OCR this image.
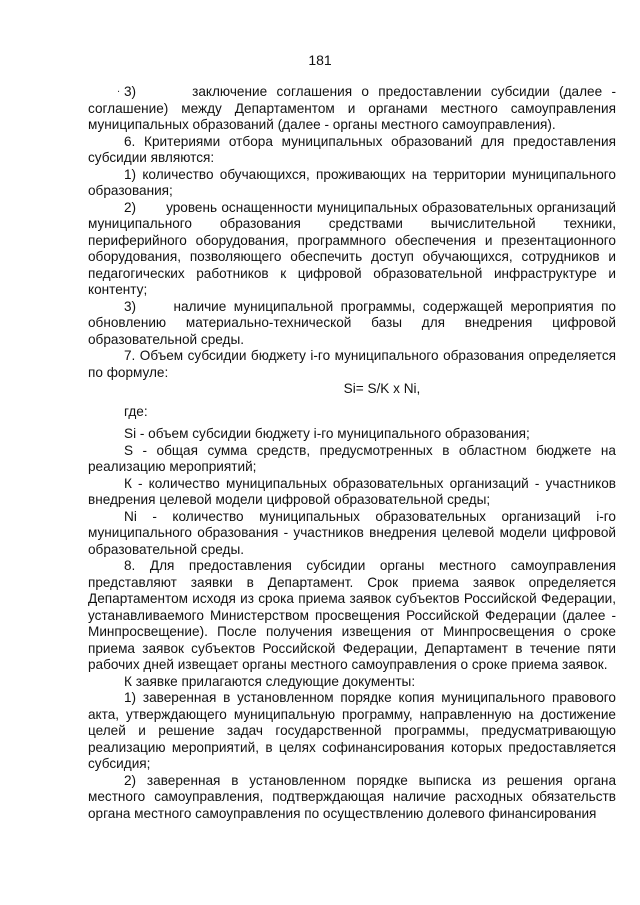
181
. 3)      заключение соглашения о предоставлении субсидии (далее - соглашение) между Департаментом и органами местного самоуправления муниципальных образований (далее - органы местного самоуправления).

6. Критериями отбора муниципальных образований для предоставления субсидии являются:

1) количество обучающихся, проживающих на территории муниципального образования;

2)       уровень оснащенности муниципальных образовательных организаций муниципального образования средствами вычислительной техники, периферийного оборудования, программного обеспечения и презентационного оборудования, позволяющего обеспечить доступ обучающихся, сотрудников и педагогических работников к цифровой образовательной инфраструктуре и контенту;

3)     наличие муниципальной программы, содержащей мероприятия по обновлению материально-технической базы для внедрения цифровой образовательной среды.

7. Объем субсидии бюджету i-го муниципального образования определяется по формуле:

Si= S/K x Ni,

где:

Si - объем субсидии бюджету i-го муниципального образования;

S - общая сумма средств, предусмотренных в областном бюджете на реализацию мероприятий;

К - количество муниципальных образовательных организаций - участников внедрения целевой модели цифровой образовательной среды;

Ni - количество муниципальных образовательных организаций i-го муниципального образования - участников внедрения целевой модели цифровой образовательной среды.

8. Для предоставления субсидии органы местного самоуправления представляют заявки в Департамент. Срок приема заявок определяется Департаментом исходя из срока приема заявок субъектов Российской Федерации, устанавливаемого Министерством просвещения Российской Федерации (далее - Минпросвещение). После получения извещения от Минпросвещения о сроке приема заявок субъектов Российской Федерации, Департамент в течение пяти рабочих дней извещает органы местного самоуправления о сроке приема заявок.

К заявке прилагаются следующие документы:

1) заверенная в установленном порядке копия муниципального правового акта, утверждающего муниципальную программу, направленную на достижение целей и решение задач государственной программы, предусматривающую реализацию мероприятий, в целях софинансирования которых предоставляется субсидия;

2) заверенная в установленном порядке выписка из решения органа местного самоуправления, подтверждающая наличие расходных обязательств органа местного самоуправления по осуществлению долевого финансирования
